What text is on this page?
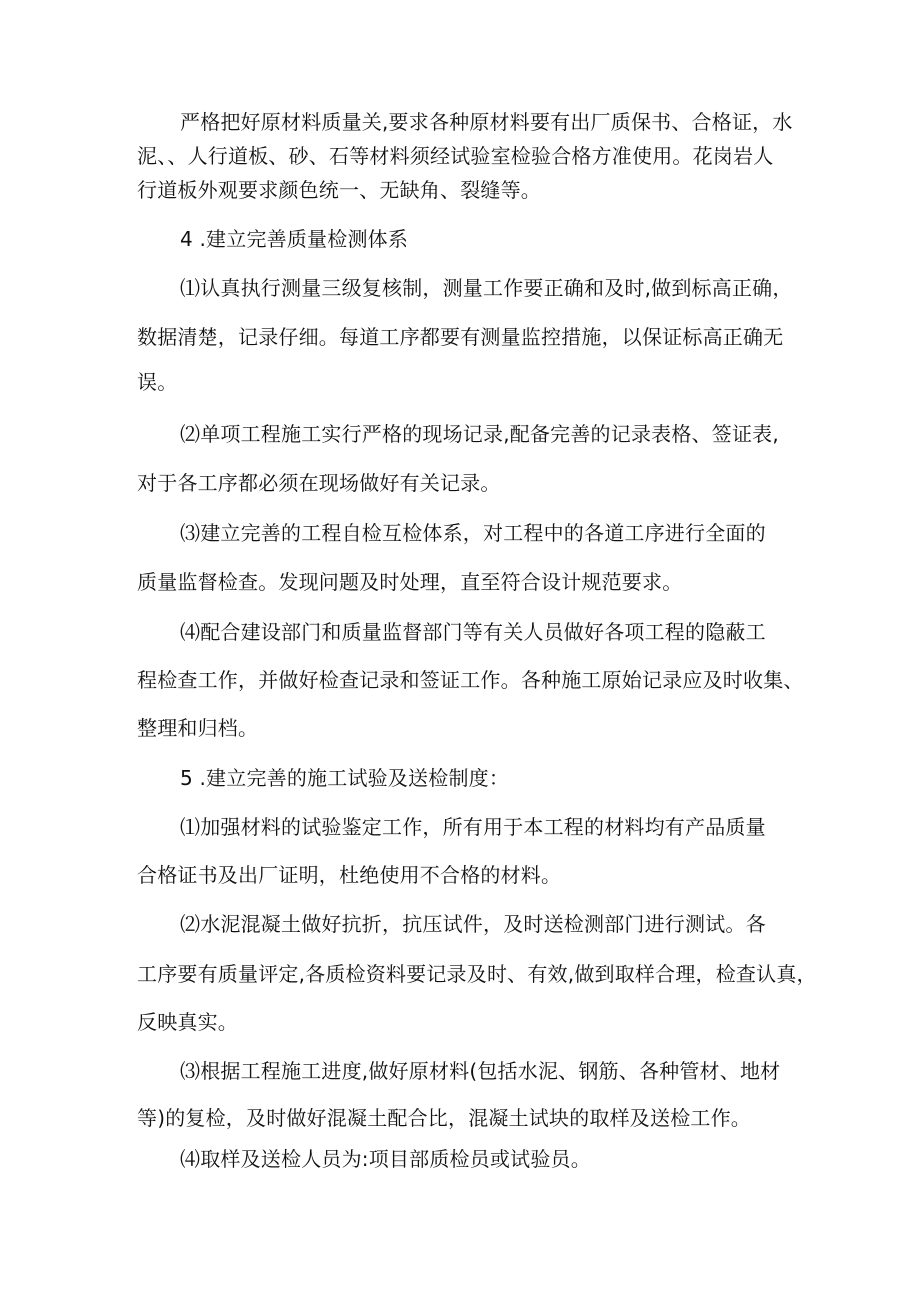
严格把好原材料质量关,要求各种原材料要有出厂质保书、合格证，水
泥、、人行道板、砂、石等材料须经试验室检验合格方准使用。花岗岩人
行道板外观要求颜色统一、无缺角、裂缝等。
4 .建立完善质量检测体系
⑴认真执行测量三级复核制，测量工作要正确和及时,做到标高正确，
数据清楚，记录仔细。每道工序都要有测量监控措施，以保证标高正确无
误。
⑵单项工程施工实行严格的现场记录,配备完善的记录表格、签证表,
对于各工序都必须在现场做好有关记录。
⑶建立完善的工程自检互检体系，对工程中的各道工序进行全面的
质量监督检查。发现问题及时处理，直至符合设计规范要求。
⑷配合建设部门和质量监督部门等有关人员做好各项工程的隐蔽工
程检查工作，并做好检查记录和签证工作。各种施工原始记录应及时收集、
整理和归档。
5 .建立完善的施工试验及送检制度：
⑴加强材料的试验鉴定工作，所有用于本工程的材料均有产品质量
合格证书及出厂证明，杜绝使用不合格的材料。
⑵水泥混凝土做好抗折，抗压试件，及时送检测部门进行测试。各
工序要有质量评定,各质检资料要记录及时、有效,做到取样合理，检查认真，
反映真实。
⑶根据工程施工进度,做好原材料(包括水泥、钢筋、各种管材、地材
等)的复检，及时做好混凝土配合比，混凝土试块的取样及送检工作。
⑷取样及送检人员为:项目部质检员或试验员。
